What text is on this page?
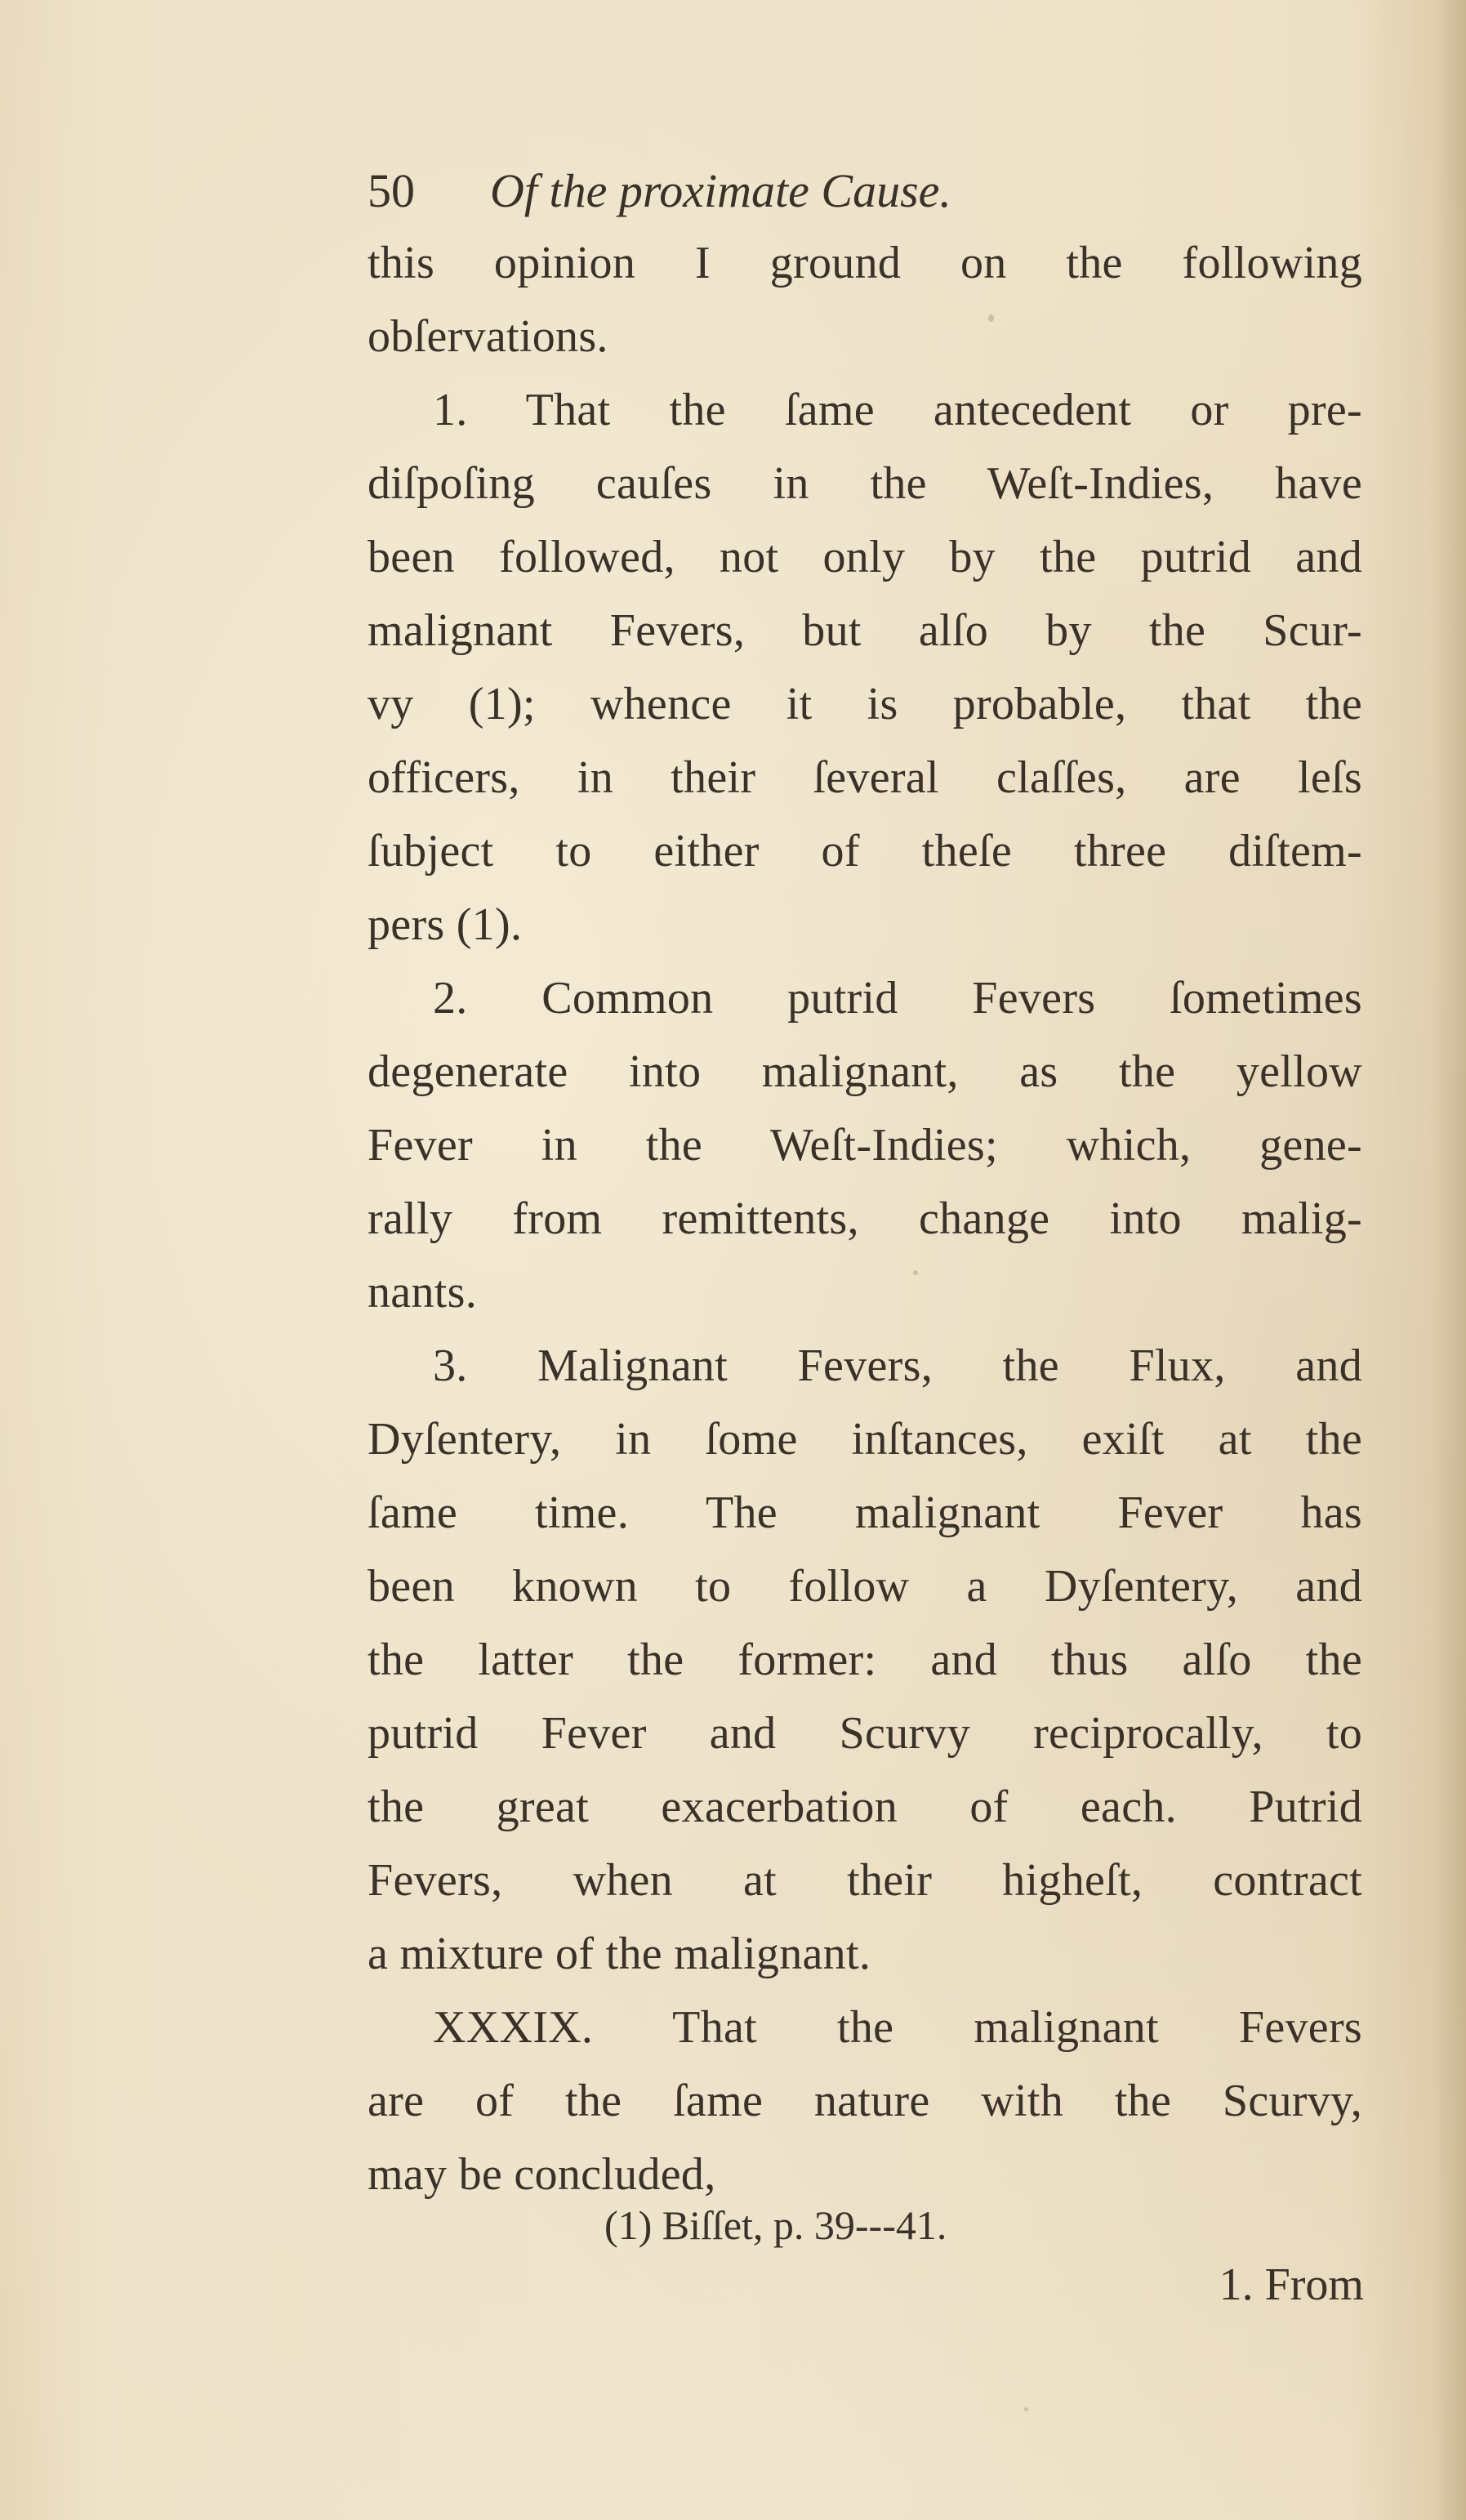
50 Of the proximate Cause.
this opinion I ground on the following
obſervations.
1. That the ſame antecedent or pre-
diſpoſing cauſes in the Weſt-Indies, have
been followed, not only by the putrid and
malignant Fevers, but alſo by the Scur-
vy (1); whence it is probable, that the
officers, in their ſeveral claſſes, are leſs
ſubject to either of theſe three diſtem-
pers (1).
2. Common putrid Fevers ſometimes
degenerate into malignant, as the yellow
Fever in the Weſt-Indies; which, gene-
rally from remittents, change into malig-
nants.
3. Malignant Fevers, the Flux, and
Dyſentery, in ſome inſtances, exiſt at the
ſame time. The malignant Fever has
been known to follow a Dyſentery, and
the latter the former: and thus alſo the
putrid Fever and Scurvy reciprocally, to
the great exacerbation of each. Putrid
Fevers, when at their higheſt, contract
a mixture of the malignant.
XXXIX. That the malignant Fevers
are of the ſame nature with the Scurvy,
may be concluded,
(1) Biſſet, p. 39---41.
1. From
